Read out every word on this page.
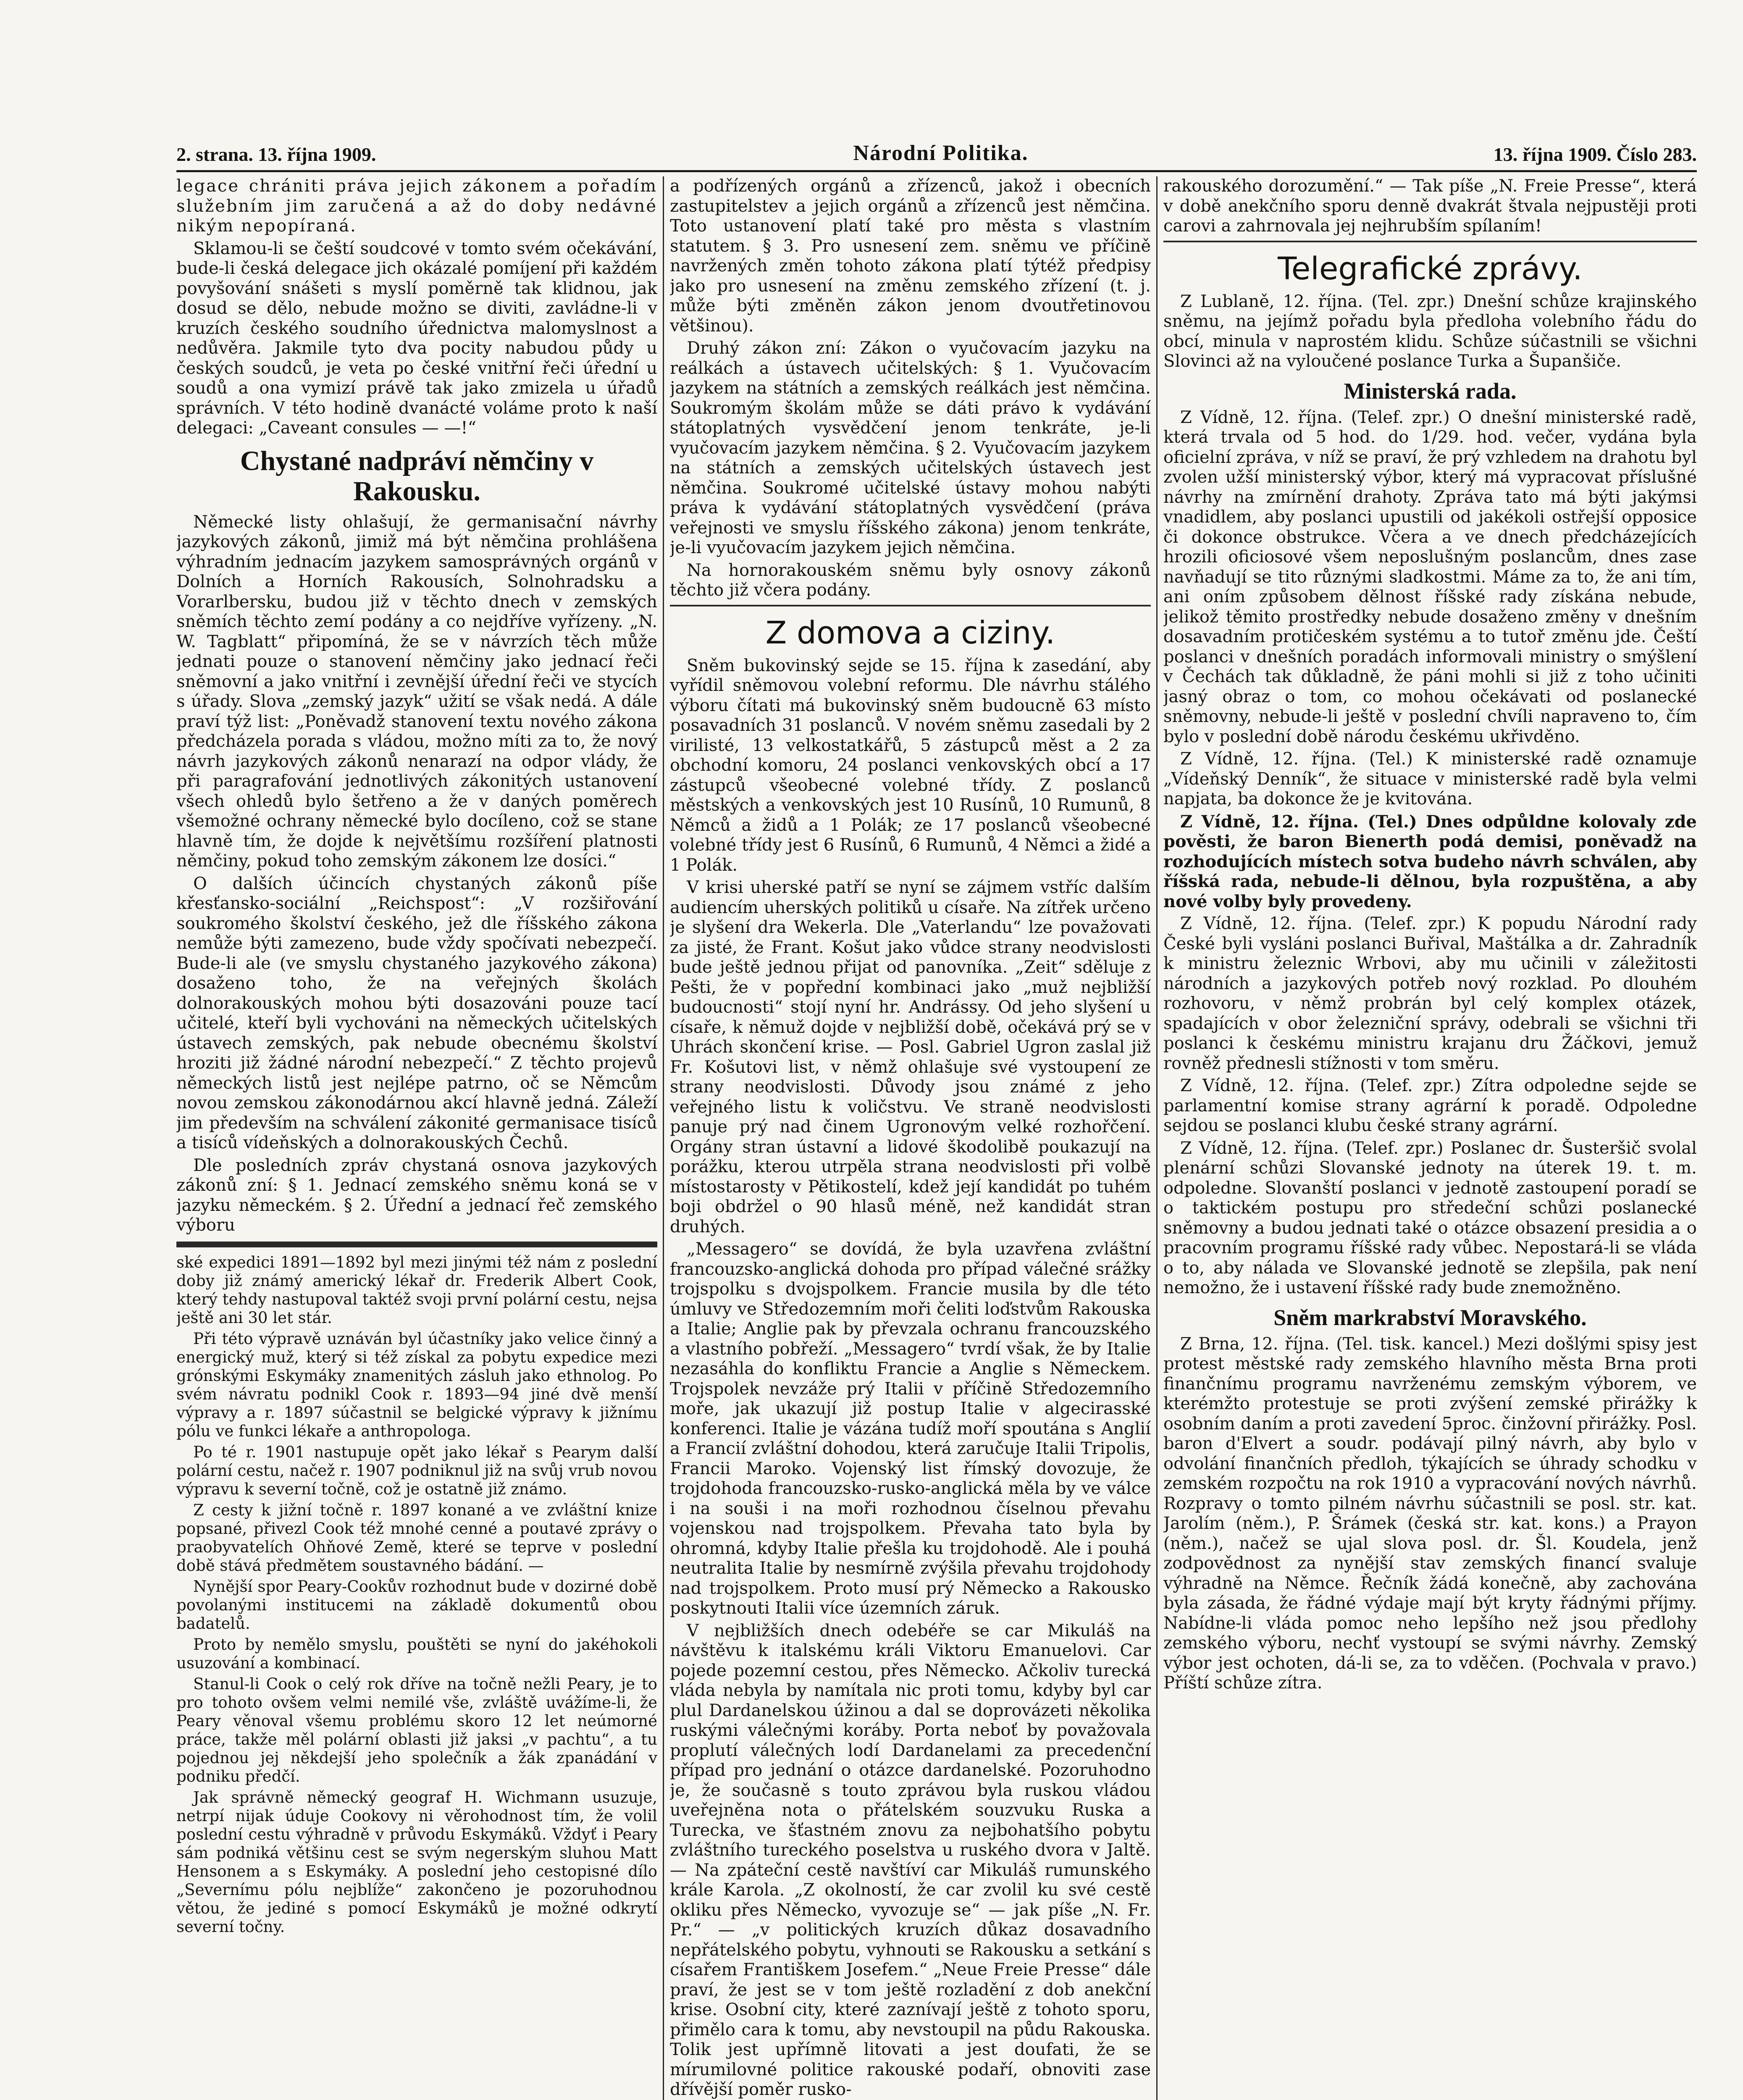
2. strana. 13. října 1909.	Národní Politika.	13. října 1909. Číslo 283.

legace chrániti práva jejich zákonem a pořadím služebním jim zaručená a až do doby nedávné nikým nepopíraná.

Sklamou-li se čeští soudcové v tomto svém očekávání, bude-li česká delegace jich okázalé pomíjení při každém povyšování snášeti s myslí poměrně tak klidnou, jak dosud se dělo, nebude možno se diviti, zavládne-li v kruzích českého soudního úřednictva malomyslnost a nedůvěra. Jakmile tyto dva pocity nabudou půdy u českých soudců, je veta po české vnitřní řeči úřední u soudů a ona vymizí právě tak jako zmizela u úřadů správních. V této hodině dvanácté voláme proto k naší delegaci: „Caveant consules — —!“

Chystané nadpráví němčiny v Rakousku.

Německé listy ohlašují, že germanisační návrhy jazykových zákonů, jimiž má být němčina prohlášena výhradním jednacím jazykem samosprávných orgánů v Dolních a Horních Rakousích, Solnohradsku a Vorarlbersku, budou již v těchto dnech v zemských sněmích těchto zemí podány a co nejdříve vyřízeny. „N. W. Tagblatt“ připomíná, že se v návrzích těch může jednati pouze o stanovení němčiny jako jednací řeči sněmovní a jako vnitřní i zevnější úřední řeči ve stycích s úřady. Slova „zemský jazyk“ užití se však nedá. A dále praví týž list: „Poněvadž stanovení textu nového zákona předcházela porada s vládou, možno míti za to, že nový návrh jazykových zákonů nenarazí na odpor vlády, že při paragrafování jednotlivých zákonitých ustanovení všech ohledů bylo šetřeno a že v daných poměrech všemožné ochrany německé bylo docíleno, což se stane hlavně tím, že dojde k největšímu rozšíření platnosti němčiny, pokud toho zemským zákonem lze dosíci.“

O dalších účincích chystaných zákonů píše křesťansko-sociální „Reichspost“: „V rozšiřování soukromého školství českého, jež dle říšského zákona nemůže býti zamezeno, bude vždy spočívati nebezpečí. Bude-li ale (ve smyslu chystaného jazykového zákona) dosaženo toho, že na veřejných školách dolnorakouských mohou býti dosazováni pouze tací učitelé, kteří byli vychováni na německých učitelských ústavech zemských, pak nebude obecnému školství hroziti již žádné národní nebezpečí.“ Z těchto projevů německých listů jest nejlépe patrno, oč se Němcům novou zemskou zákonodárnou akcí hlavně jedná. Záleží jim především na schválení zákonité germanisace tisíců a tisíců vídeňských a dolnorakouských Čechů.

Dle posledních zpráv chystaná osnova jazykových zákonů zní: § 1. Jednací zemského sněmu koná se v jazyku německém. § 2. Úřední a jednací řeč zemského výboru

ské expedici 1891—1892 byl mezi jinými též nám z poslední doby již známý americký lékař dr. Frederik Albert Cook, který tehdy nastupoval taktéž svoji první polární cestu, nejsa ještě ani 30 let stár.

Při této výpravě uznáván byl účastníky jako velice činný a energický muž, který si též získal za pobytu expedice mezi grónskými Eskymáky znamenitých zásluh jako ethnolog. Po svém návratu podnikl Cook r. 1893—94 jiné dvě menší výpravy a r. 1897 súčastnil se belgické výpravy k jižnímu pólu ve funkci lékaře a anthropologa.

Po té r. 1901 nastupuje opět jako lékař s Pearym další polární cestu, načež r. 1907 podniknul již na svůj vrub novou výpravu k severní točně, což je ostatně již známo.

Z cesty k jižní točně r. 1897 konané a ve zvláštní knize popsané, přivezl Cook též mnohé cenné a poutavé zprávy o praobyvatelích Ohňové Země, které se teprve v poslední době stává předmětem soustavného bádání. —

Nynější spor Peary-Cookův rozhodnut bude v dozirné době povolanými institucemi na základě dokumentů obou badatelů.

Proto by nemělo smyslu, pouštěti se nyní do jakéhokoli usuzování a kombinací.

Stanul-li Cook o celý rok dříve na točně nežli Peary, je to pro tohoto ovšem velmi nemilé vše, zvláště uvážíme-li, že Peary věnoval všemu problému skoro 12 let neúmorné práce, takže měl polární oblasti již jaksi „v pachtu“, a tu pojednou jej někdejší jeho společník a žák zpanádání v podniku předčí.

Jak správně německý geograf H. Wichmann usuzuje, netrpí nijak úduje Cookovy ni věrohodnost tím, že volil poslední cestu výhradně v průvodu Eskymáků. Vždyť i Peary sám podniká většinu cest se svým negerským sluhou Matt Hensonem a s Eskymáky. A poslední jeho cestopisné dílo „Severnímu pólu nejblíže“ zakončeno je pozoruhodnou větou, že jediné s pomocí Eskymáků je možné odkrytí severní točny.

a podřízených orgánů a zřízenců, jakož i obecních zastupitelstev a jejich orgánů a zřízenců jest němčina. Toto ustanovení platí také pro města s vlastním statutem. § 3. Pro usnesení zem. sněmu ve příčině navržených změn tohoto zákona platí týtéž předpisy jako pro usnesení na změnu zemského zřízení (t. j. může býti změněn zákon jenom dvoutřetinovou většinou).

Druhý zákon zní: Zákon o vyučovacím jazyku na reálkách a ústavech učitelských: § 1. Vyučovacím jazykem na státních a zemských reálkách jest němčina. Soukromým školám může se dáti právo k vydávání státoplatných vysvědčení jenom tenkráte, je-li vyučovacím jazykem němčina. § 2. Vyučovacím jazykem na státních a zemských učitelských ústavech jest němčina. Soukromé učitelské ústavy mohou nabýti práva k vydávání státoplatných vysvědčení (práva veřejnosti ve smyslu říšského zákona) jenom tenkráte, je-li vyučovacím jazykem jejich němčina.

Na hornorakouském sněmu byly osnovy zákonů těchto již včera podány.

Z domova a ciziny.

Sněm bukovinský sejde se 15. října k zasedání, aby vyřídil sněmovou volební reformu. Dle návrhu stálého výboru čítati má bukovinský sněm budoucně 63 místo posavadních 31 poslanců. V novém sněmu zasedali by 2 virilisté, 13 velkostatkářů, 5 zástupců měst a 2 za obchodní komoru, 24 poslanci venkovských obcí a 17 zástupců všeobecné volebné třídy. Z poslanců městských a venkovských jest 10 Rusínů, 10 Rumunů, 8 Němců a židů a 1 Polák; ze 17 poslanců všeobecné volebné třídy jest 6 Rusínů, 6 Rumunů, 4 Němci a židé a 1 Polák.

V krisi uherské patří se nyní se zájmem vstříc dalším audiencím uherských politiků u císaře. Na zítřek určeno je slyšení dra Wekerla. Dle „Vaterlandu“ lze považovati za jisté, že Frant. Košut jako vůdce strany neodvislosti bude ještě jednou přijat od panovníka. „Zeit“ sděluje z Pešti, že v popřední kombinaci jako „muž nejbližší budoucnosti“ stojí nyní hr. Andrássy. Od jeho slyšení u císaře, k němuž dojde v nejbližší době, očekává prý se v Uhrách skončení krise. — Posl. Gabriel Ugron zaslal již Fr. Košutovi list, v němž ohlašuje své vystoupení ze strany neodvislosti. Důvody jsou známé z jeho veřejného listu k voličstvu. Ve straně neodvislosti panuje prý nad činem Ugronovým velké rozhořčení. Orgány stran ústavní a lidové škodolibě poukazují na porážku, kterou utrpěla strana neodvislosti při volbě místostarosty v Pětikostelí, kdež její kandidát po tuhém boji obdržel o 90 hlasů méně, než kandidát stran druhých.

„Messagero“ se dovídá, že byla uzavřena zvláštní francouzsko-anglická dohoda pro případ válečné srážky trojspolku s dvojspolkem. Francie musila by dle této úmluvy ve Středozemním moři čeliti loďstvům Rakouska a Italie; Anglie pak by převzala ochranu francouzského a vlastního pobřeží. „Messagero“ tvrdí však, že by Italie nezasáhla do konfliktu Francie a Anglie s Německem. Trojspolek nevzáže prý Italii v příčině Středozemního moře, jak ukazují již postup Italie v algecirasské konferenci. Italie je vázána tudíž moří spoutána s Anglií a Francií zvláštní dohodou, která zaručuje Italii Tripolis, Francii Maroko. Vojenský list římský dovozuje, že trojdohoda francouzsko-rusko-anglická měla by ve válce i na souši i na moři rozhodnou číselnou převahu vojenskou nad trojspolkem. Převaha tato byla by ohromná, kdyby Italie přešla ku trojdohodě. Ale i pouhá neutralita Italie by nesmírně zvýšila převahu trojdohody nad trojspolkem. Proto musí prý Německo a Rakousko poskytnouti Italii více územních záruk.

V nejbližších dnech odebéře se car Mikuláš na návštěvu k italskému králi Viktoru Emanuelovi. Car pojede pozemní cestou, přes Německo. Ačkoliv turecká vláda nebyla by namítala nic proti tomu, kdyby byl car plul Dardanelskou úžinou a dal se doprovázeti několika ruskými válečnými koráby. Porta neboť by považovala proplutí válečných lodí Dardanelami za precedenční případ pro jednání o otázce dardanelské. Pozoruhodno je, že současně s touto zprávou byla ruskou vládou uveřejněna nota o přátelském souzvuku Ruska a Turecka, ve šťastném znovu za nejbohatšího pobytu zvláštního tureckého poselstva u ruského dvora v Jaltě. — Na zpáteční cestě navštíví car Mikuláš rumunského krále Karola. „Z okolností, že car zvolil ku své cestě okliku přes Německo, vyvozuje se“ — jak píše „N. Fr. Pr.“ — „v politických kruzích důkaz dosavadního nepřátelského pobytu, vyhnouti se Rakousku a setkání s císařem Františkem Josefem.“ „Neue Freie Presse“ dále praví, že jest se v tom ještě rozladění z dob anekční krise. Osobní city, které zaznívají ještě z tohoto sporu, přimělo cara k tomu, aby nevstoupil na půdu Rakouska. Tolik jest upřímně litovati a jest doufati, že se mírumilovné politice rakouské podaří, obnoviti zase dřívější poměr rusko-

rakouského dorozumění.“ — Tak píše „N. Freie Presse“, která v době anekčního sporu denně dvakrát štvala nejpustěji proti carovi a zahrnovala jej nejhrubším spílaním!

Telegrafické zprávy.

Z Lublaně, 12. října. (Tel. zpr.) Dnešní schůze krajinského sněmu, na jejímž pořadu byla předloha volebního řádu do obcí, minula v naprostém klidu. Schůze súčastnili se všichni Slovinci až na vyloučené poslance Turka a Šupanšiče.

Ministerská rada.

Z Vídně, 12. října. (Telef. zpr.) O dnešní ministerské radě, která trvala od 5 hod. do 1/29. hod. večer, vydána byla oficielní zpráva, v níž se praví, že prý vzhledem na drahotu byl zvolen užší ministerský výbor, který má vypracovat příslušné návrhy na zmírnění drahoty. Zpráva tato má býti jakýmsi vnadidlem, aby poslanci upustili od jakékoli ostřejší opposice či dokonce obstrukce. Včera a ve dnech předcházejících hrozili oficiosové všem neposlušným poslancům, dnes zase navňadují se tito různými sladkostmi. Máme za to, že ani tím, ani oním způsobem dělnost říšské rady získána nebude, jelikož těmito prostředky nebude dosaženo změny v dnešním dosavadním protičeském systému a to tutoř změnu jde. Čeští poslanci v dnešních poradách informovali ministry o smýšlení v Čechách tak důkladně, že páni mohli si již z toho učiniti jasný obraz o tom, co mohou očekávati od poslanecké sněmovny, nebude-li ještě v poslední chvíli napraveno to, čím bylo v poslední době národu českému ukřivděno.

Z Vídně, 12. října. (Tel.) K ministerské radě oznamuje „Vídeňský Denník“, že situace v ministerské radě byla velmi napjata, ba dokonce že je kvitována.

Z Vídně, 12. října. (Tel.) Dnes odpůldne kolovaly zde pověsti, že baron Bienerth podá demisi, poněvadž na rozhodujících místech sotva budeho návrh schválen, aby říšská rada, nebude-li dělnou, byla rozpuštěna, a aby nové volby byly provedeny.

Z Vídně, 12. října. (Telef. zpr.) K popudu Národní rady České byli vysláni poslanci Buřival, Maštálka a dr. Zahradník k ministru železnic Wrbovi, aby mu učinili v záležitosti národních a jazykových potřeb nový rozklad. Po dlouhém rozhovoru, v němž probrán byl celý komplex otázek, spadajících v obor železniční správy, odebrali se všichni tři poslanci k českému ministru krajanu dru Žáčkovi, jemuž rovněž přednesli stížnosti v tom směru.

Z Vídně, 12. října. (Telef. zpr.) Zítra odpoledne sejde se parlamentní komise strany agrární k poradě. Odpoledne sejdou se poslanci klubu české strany agrární.

Z Vídně, 12. října. (Telef. zpr.) Poslanec dr. Šusteršič svolal plenární schůzi Slovanské jednoty na úterek 19. t. m. odpoledne. Slovanští poslanci v jednotě zastoupení poradí se o taktickém postupu pro středeční schůzi poslanecké sněmovny a budou jednati také o otázce obsazení presidia a o pracovním programu říšské rady vůbec. Nepostará-li se vláda o to, aby nálada ve Slovanské jednotě se zlepšila, pak není nemožno, že i ustavení říšské rady bude znemožněno.

Sněm markrabství Moravského.

Z Brna, 12. října. (Tel. tisk. kancel.) Mezi došlými spisy jest protest městské rady zemského hlavního města Brna proti finančnímu programu navrženému zemským výborem, ve kterémžto protestuje se proti zvýšení zemské přirážky k osobním daním a proti zavedení 5proc. činžovní přirážky. Posl. baron d'Elvert a soudr. podávají pilný návrh, aby bylo v odvolání finančních předloh, týkajících se úhrady schodku v zemském rozpočtu na rok 1910 a vypracování nových návrhů. Rozpravy o tomto pilném návrhu súčastnili se posl. str. kat. Jarolím (něm.), P. Šrámek (česká str. kat. kons.) a Prayon (něm.), načež se ujal slova posl. dr. Šl. Koudela, jenž zodpovědnost za nynější stav zemských financí svaluje výhradně na Němce. Řečník žádá konečně, aby zachována byla zásada, že řádné výdaje mají být kryty řádnými příjmy. Nabídne-li vláda pomoc neho lepšího než jsou předlohy zemského výboru, nechť vystoupí se svými návrhy. Zemský výbor jest ochoten, dá-li se, za to vděčen. (Pochvala v pravo.) Příští schůze zítra.
